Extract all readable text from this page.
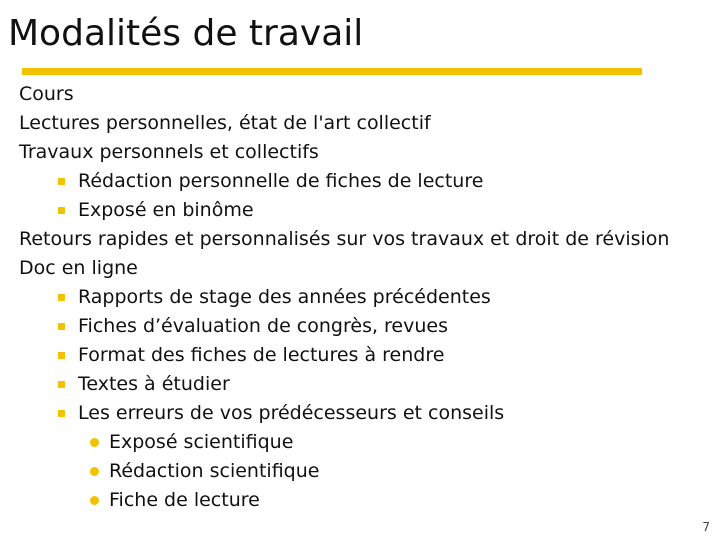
Modalités de travail
Cours
Lectures personnelles, état de l'art collectif
Travaux personnels et collectifs
Rédaction personnelle de fiches de lecture
Exposé en binôme
Retours rapides et personnalisés sur vos travaux et droit de révision
Doc en ligne
Rapports de stage des années précédentes
Fiches d’évaluation de congrès, revues
Format des fiches de lectures à rendre
Textes à étudier
Les erreurs de vos prédécesseurs et conseils
Exposé scientifique
Rédaction scientifique
Fiche de lecture
7
